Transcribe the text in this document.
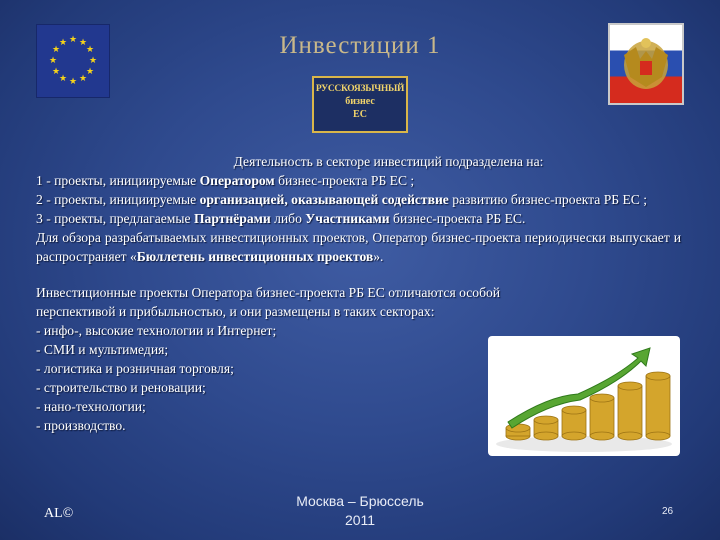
★ ★
★
★
★
★
★
★
★
★
★
★	Инвестиции 1
РУССКОЯЗЫЧНЫЙ
бизнес
ЕС

Деятельность в секторе инвестиций подразделена на:

1 - проекты, инициируемые Оператором бизнес-проекта РБ ЕС ;

2 - проекты, инициируемые организацией, оказывающей содействие развитию бизнес-проекта РБ ЕС ;

3 - проекты, предлагаемые Партнёрами либо Участниками бизнес-проекта РБ ЕС.

Для обзора разрабатываемых инвестиционных проектов, Оператор бизнес-проекта периодически выпускает и распространяет «Бюллетень инвестиционных проектов».

Инвестиционные проекты Оператора бизнес-проекта РБ ЕС отличаются особой перспективой и прибыльностью, и они размещены в таких секторах:

- инфо-, высокие технологии и Интернет;

- СМИ и мультимедия;

- логистика и розничная торговля;

- строительство и реновации;

- нано-технологии;

- производство.

AL©
Москва – Брюссель
2011
26
